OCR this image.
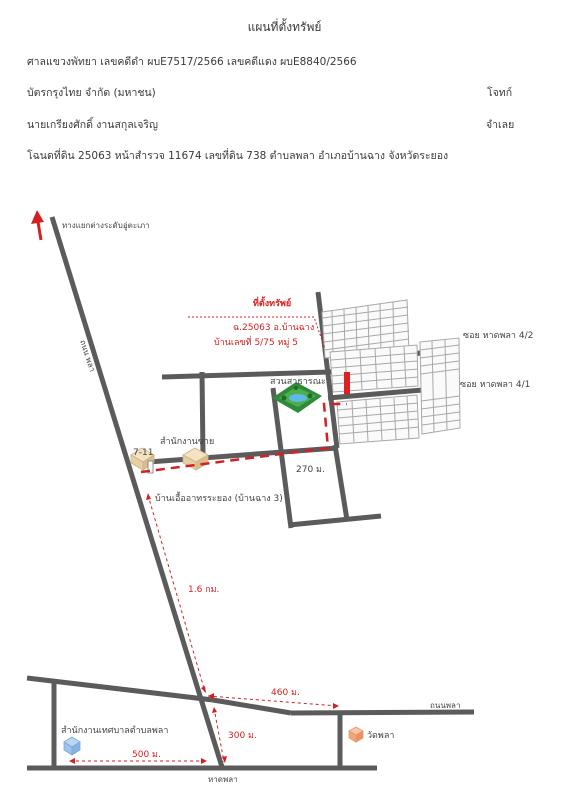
แผนที่ตั้งทรัพย์
ศาลแขวงพัทยา เลขคดีดำ ผบE7517/2566 เลขคดีแดง ผบE8840/2566
บัตรกรุงไทย จำกัด (มหาชน)	โจทก์
นายเกรียงศักดิ์ งานสกุลเจริญ	จำเลย
โฉนดที่ดิน 25063 หน้าสำรวจ 11674 เลขที่ดิน 738 ตำบลพลา อำเภอบ้านฉาง จังหวัดระยอง
ทางแยกต่างระดับอู่ตะเภา
ถนน พลา
ที่ตั้งทรัพย์
ฉ.25063 อ.บ้านฉาง
บ้านเลขที่ 5/75 หมู่ 5
สวนสาธารณะ
ซอย หาดพลา 4/2
ซอย หาดพลา 4/1
7-11
สำนักงานขาย
270 ม.
บ้านเอื้ออาทรระยอง (บ้านฉาง 3)
1.6 กม.
460 ม.
ถนนพลา
300 ม.
สำนักงานเทศบาลตำบลพลา	วัดพลา
500 ม.
หาดพลา
